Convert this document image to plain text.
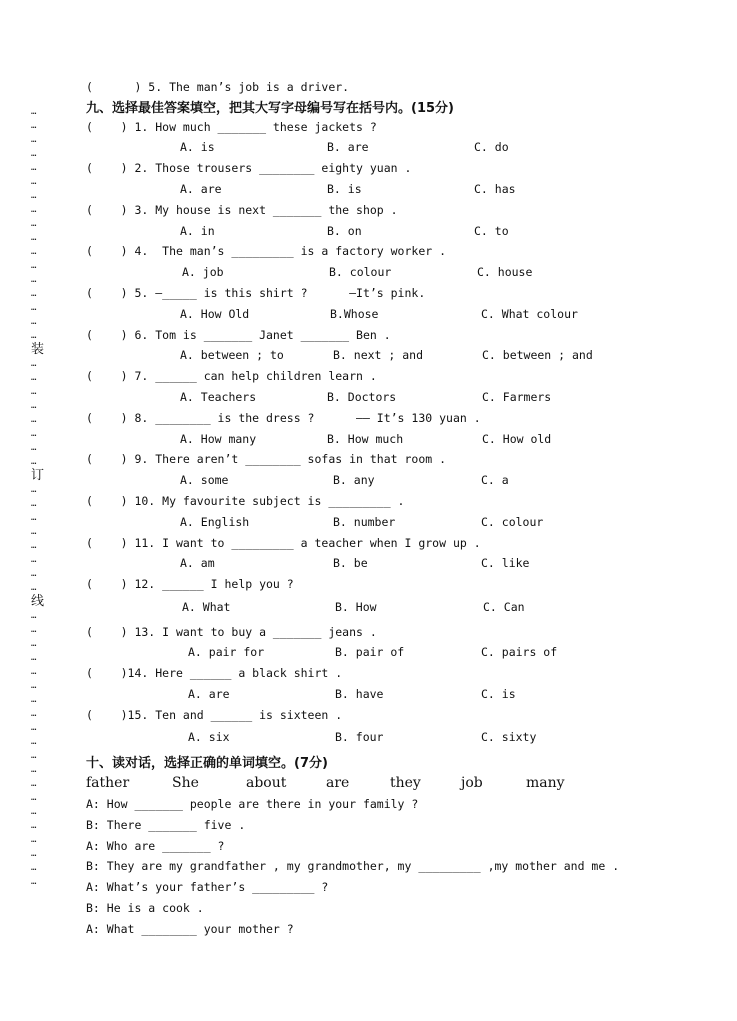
…
…
…
…
…
…
…
…
…
…
…
…
…
…
…
…
…
装
…
…
…
…
…
…
…
…
订
…
…
…
…
…
…
…
…
线
…
…
…
…
…
…
…
…
…
…
…
…
…
…
…
…
…
…
…
…
(      ) 5. The man’s job is a driver.
九、选择最佳答案填空，把其大写字母编号写在括号内。(15分)
(    ) 1. How much _______ these jackets ?
A. is	B. are	C. do
(    ) 2. Those trousers ________ eighty yuan .
A. are	B. is	C. has
(    ) 3. My house is next _______ the shop .
A. in	B. on	C. to
(    ) 4.  The man’s _________ is a factory worker .
A. job	B. colour	C. house
(    ) 5. —_____ is this shirt ?      —It’s pink.
A. How Old	B.Whose	C. What colour
(    ) 6. Tom is _______ Janet _______ Ben .
A. between ; to	B. next ; and	C. between ; and
(    ) 7. ______ can help children learn .
A. Teachers	B. Doctors	C. Farmers
(    ) 8. ________ is the dress ?      —— It’s 130 yuan .
A. How many	B. How much	C. How old
(    ) 9. There aren’t ________ sofas in that room .
A. some	B. any	C. a
(    ) 10. My favourite subject is _________ .
A. English	B. number	C. colour
(    ) 11. I want to _________ a teacher when I grow up .
A. am	B. be	C. like
(    ) 12. ______ I help you ?
A. What	B. How	C. Can
(    ) 13. I want to buy a _______ jeans .
A. pair for	B. pair of	C. pairs of
(    )14. Here ______ a black shirt .
A. are	B. have	C. is
(    )15. Ten and ______ is sixteen .
A. six	B. four	C. sixty
十、读对话，选择正确的单词填空。(7分)
father	She	about	are	they	job	many
A: How _______ people are there in your family ?
B: There _______ five .
A: Who are _______ ?
B: They are my grandfather , my grandmother, my _________ ,my mother and me .
A: What’s your father’s _________ ?
B: He is a cook .
A: What ________ your mother ?
